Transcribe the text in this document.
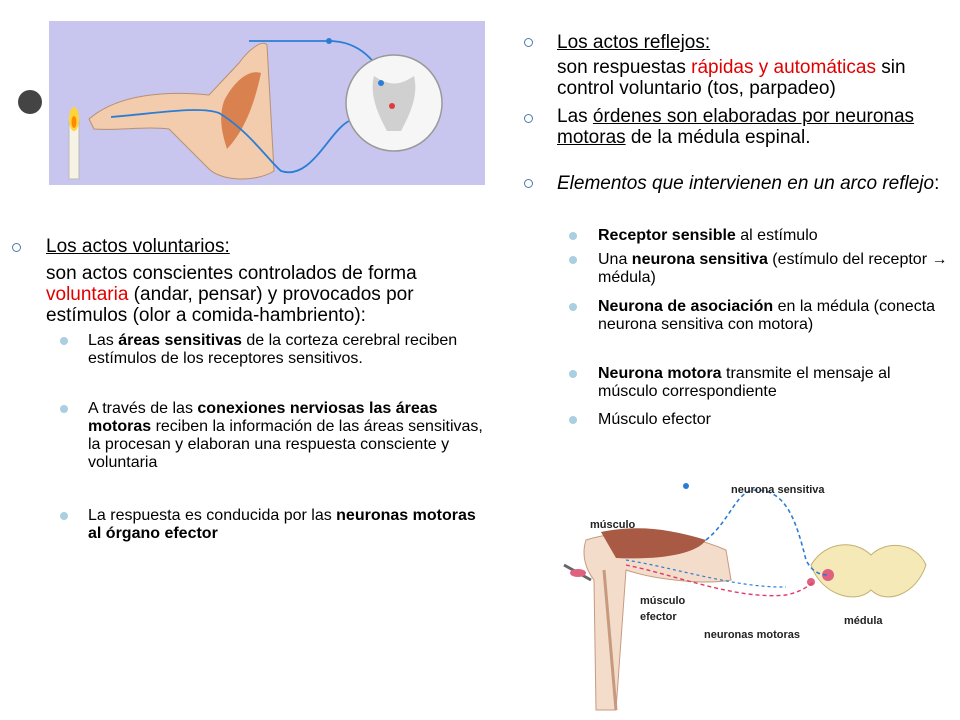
Los actos reflejos:
son respuestas rápidas y automáticas sin control voluntario (tos, parpadeo)
Las órdenes son elaboradas por neuronas motoras de la médula espinal.
Elementos que intervienen en un arco reflejo:
Receptor sensible al estímulo
Una neurona sensitiva (estímulo del receptor → médula)
Neurona de asociación en la médula (conecta neurona sensitiva con motora)
Neurona motora transmite el mensaje al músculo correspondiente
Músculo efector
Los actos voluntarios:
son actos conscientes controlados de forma voluntaria (andar, pensar) y provocados por estímulos (olor a comida-hambriento):
Las áreas sensitivas de la corteza cerebral reciben estímulos de los receptores sensitivos.
A través de las conexiones nerviosas las áreas motoras reciben la información de las áreas sensitivas, la procesan y elaboran una respuesta consciente y voluntaria
La respuesta es conducida por las neuronas motoras al órgano efector
neurona sensitiva
músculo
músculo
efector
neuronas motoras
médula
